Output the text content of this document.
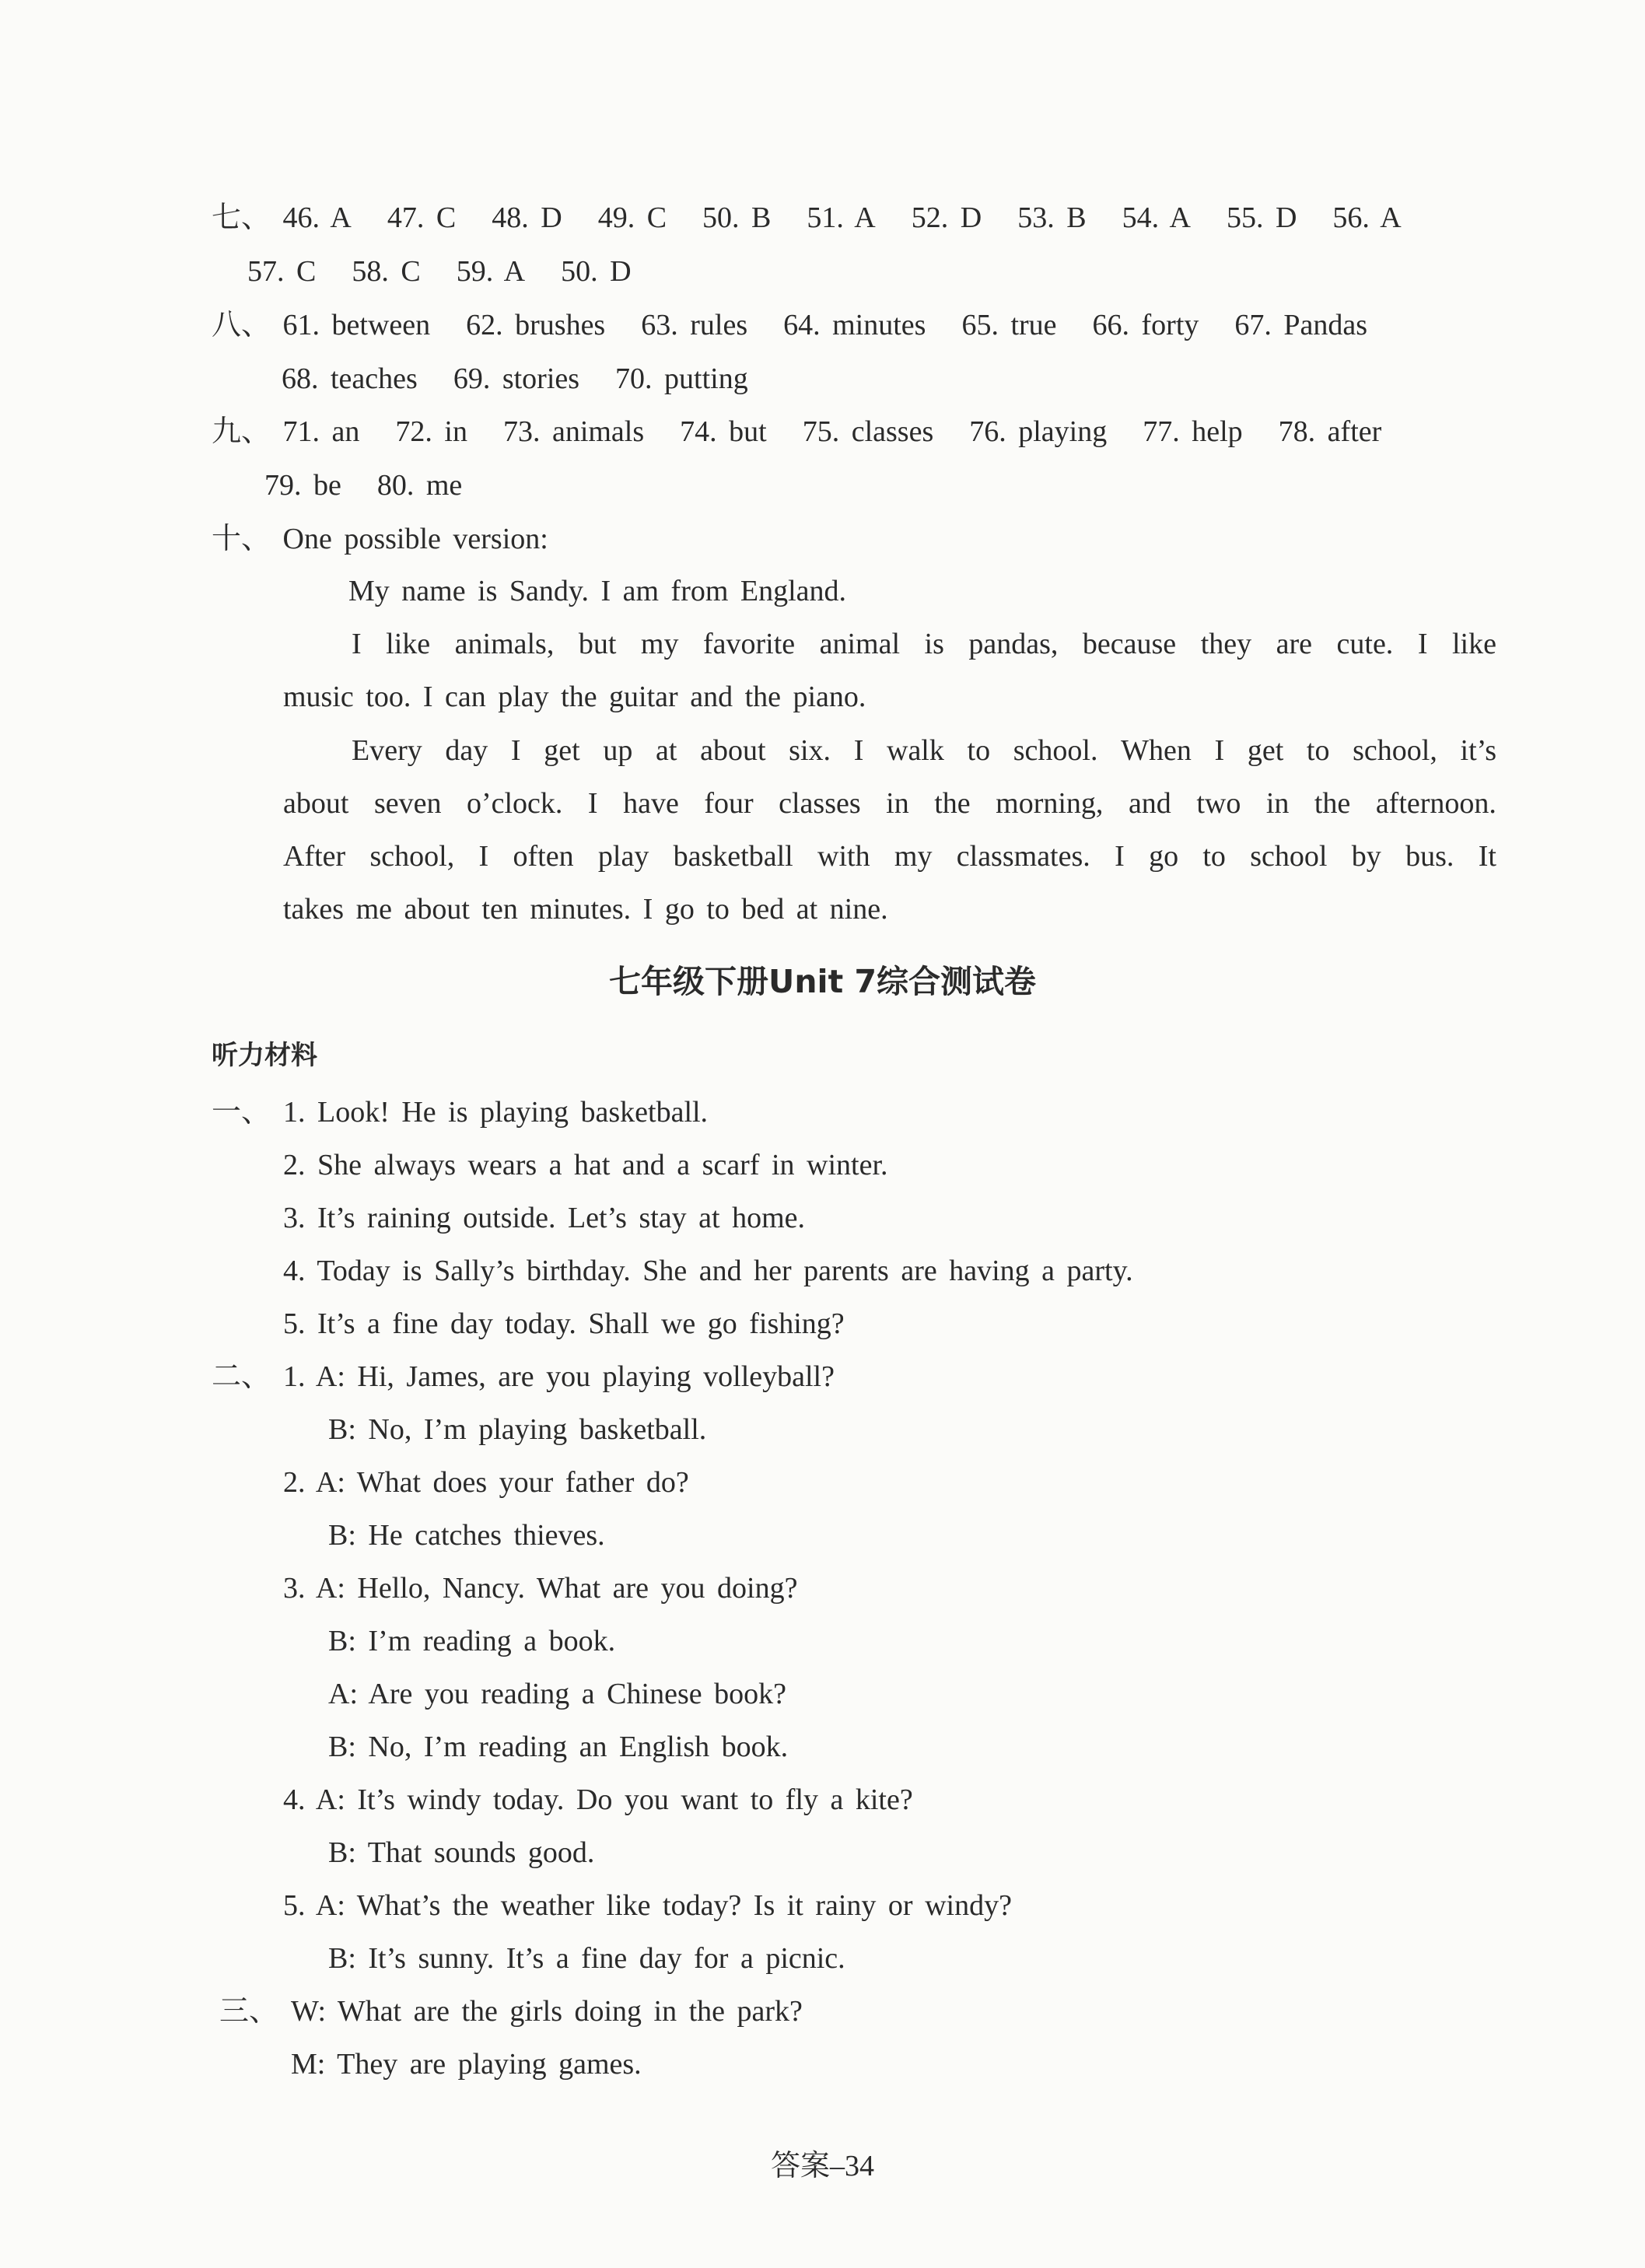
七、 46. A 47. C 48. D 49. C 50. B 51. A 52. D 53. B 54. A 55. D 56. A
57. C 58. C 59. A 50. D
八、 61. between 62. brushes 63. rules 64. minutes 65. true 66. forty 67. Pandas
68. teaches 69. stories 70. putting
九、 71. an 72. in 73. animals 74. but 75. classes 76. playing 77. help 78. after
79. be 80. me
十、 One possible version:
My name is Sandy. I am from England.
I like animals, but my favorite animal is pandas, because they are cute. I like
music too. I can play the guitar and the piano.
Every day I get up at about six. I walk to school. When I get to school, it’s
about seven o’clock. I have four classes in the morning, and two in the afternoon.
After school, I often play basketball with my classmates. I go to school by bus. It
takes me about ten minutes. I go to bed at nine.
七年级下册Unit 7综合测试卷
听力材料
一、 1. Look! He is playing basketball.
2. She always wears a hat and a scarf in winter.
3. It’s raining outside. Let’s stay at home.
4. Today is Sally’s birthday. She and her parents are having a party.
5. It’s a fine day today. Shall we go fishing?
二、 1. A: Hi, James, are you playing volleyball?
B: No, I’m playing basketball.
2. A: What does your father do?
B: He catches thieves.
3. A: Hello, Nancy. What are you doing?
B: I’m reading a book.
A: Are you reading a Chinese book?
B: No, I’m reading an English book.
4. A: It’s windy today. Do you want to fly a kite?
B: That sounds good.
5. A: What’s the weather like today? Is it rainy or windy?
B: It’s sunny. It’s a fine day for a picnic.
三、 W: What are the girls doing in the park?
M: They are playing games.
答案–34
